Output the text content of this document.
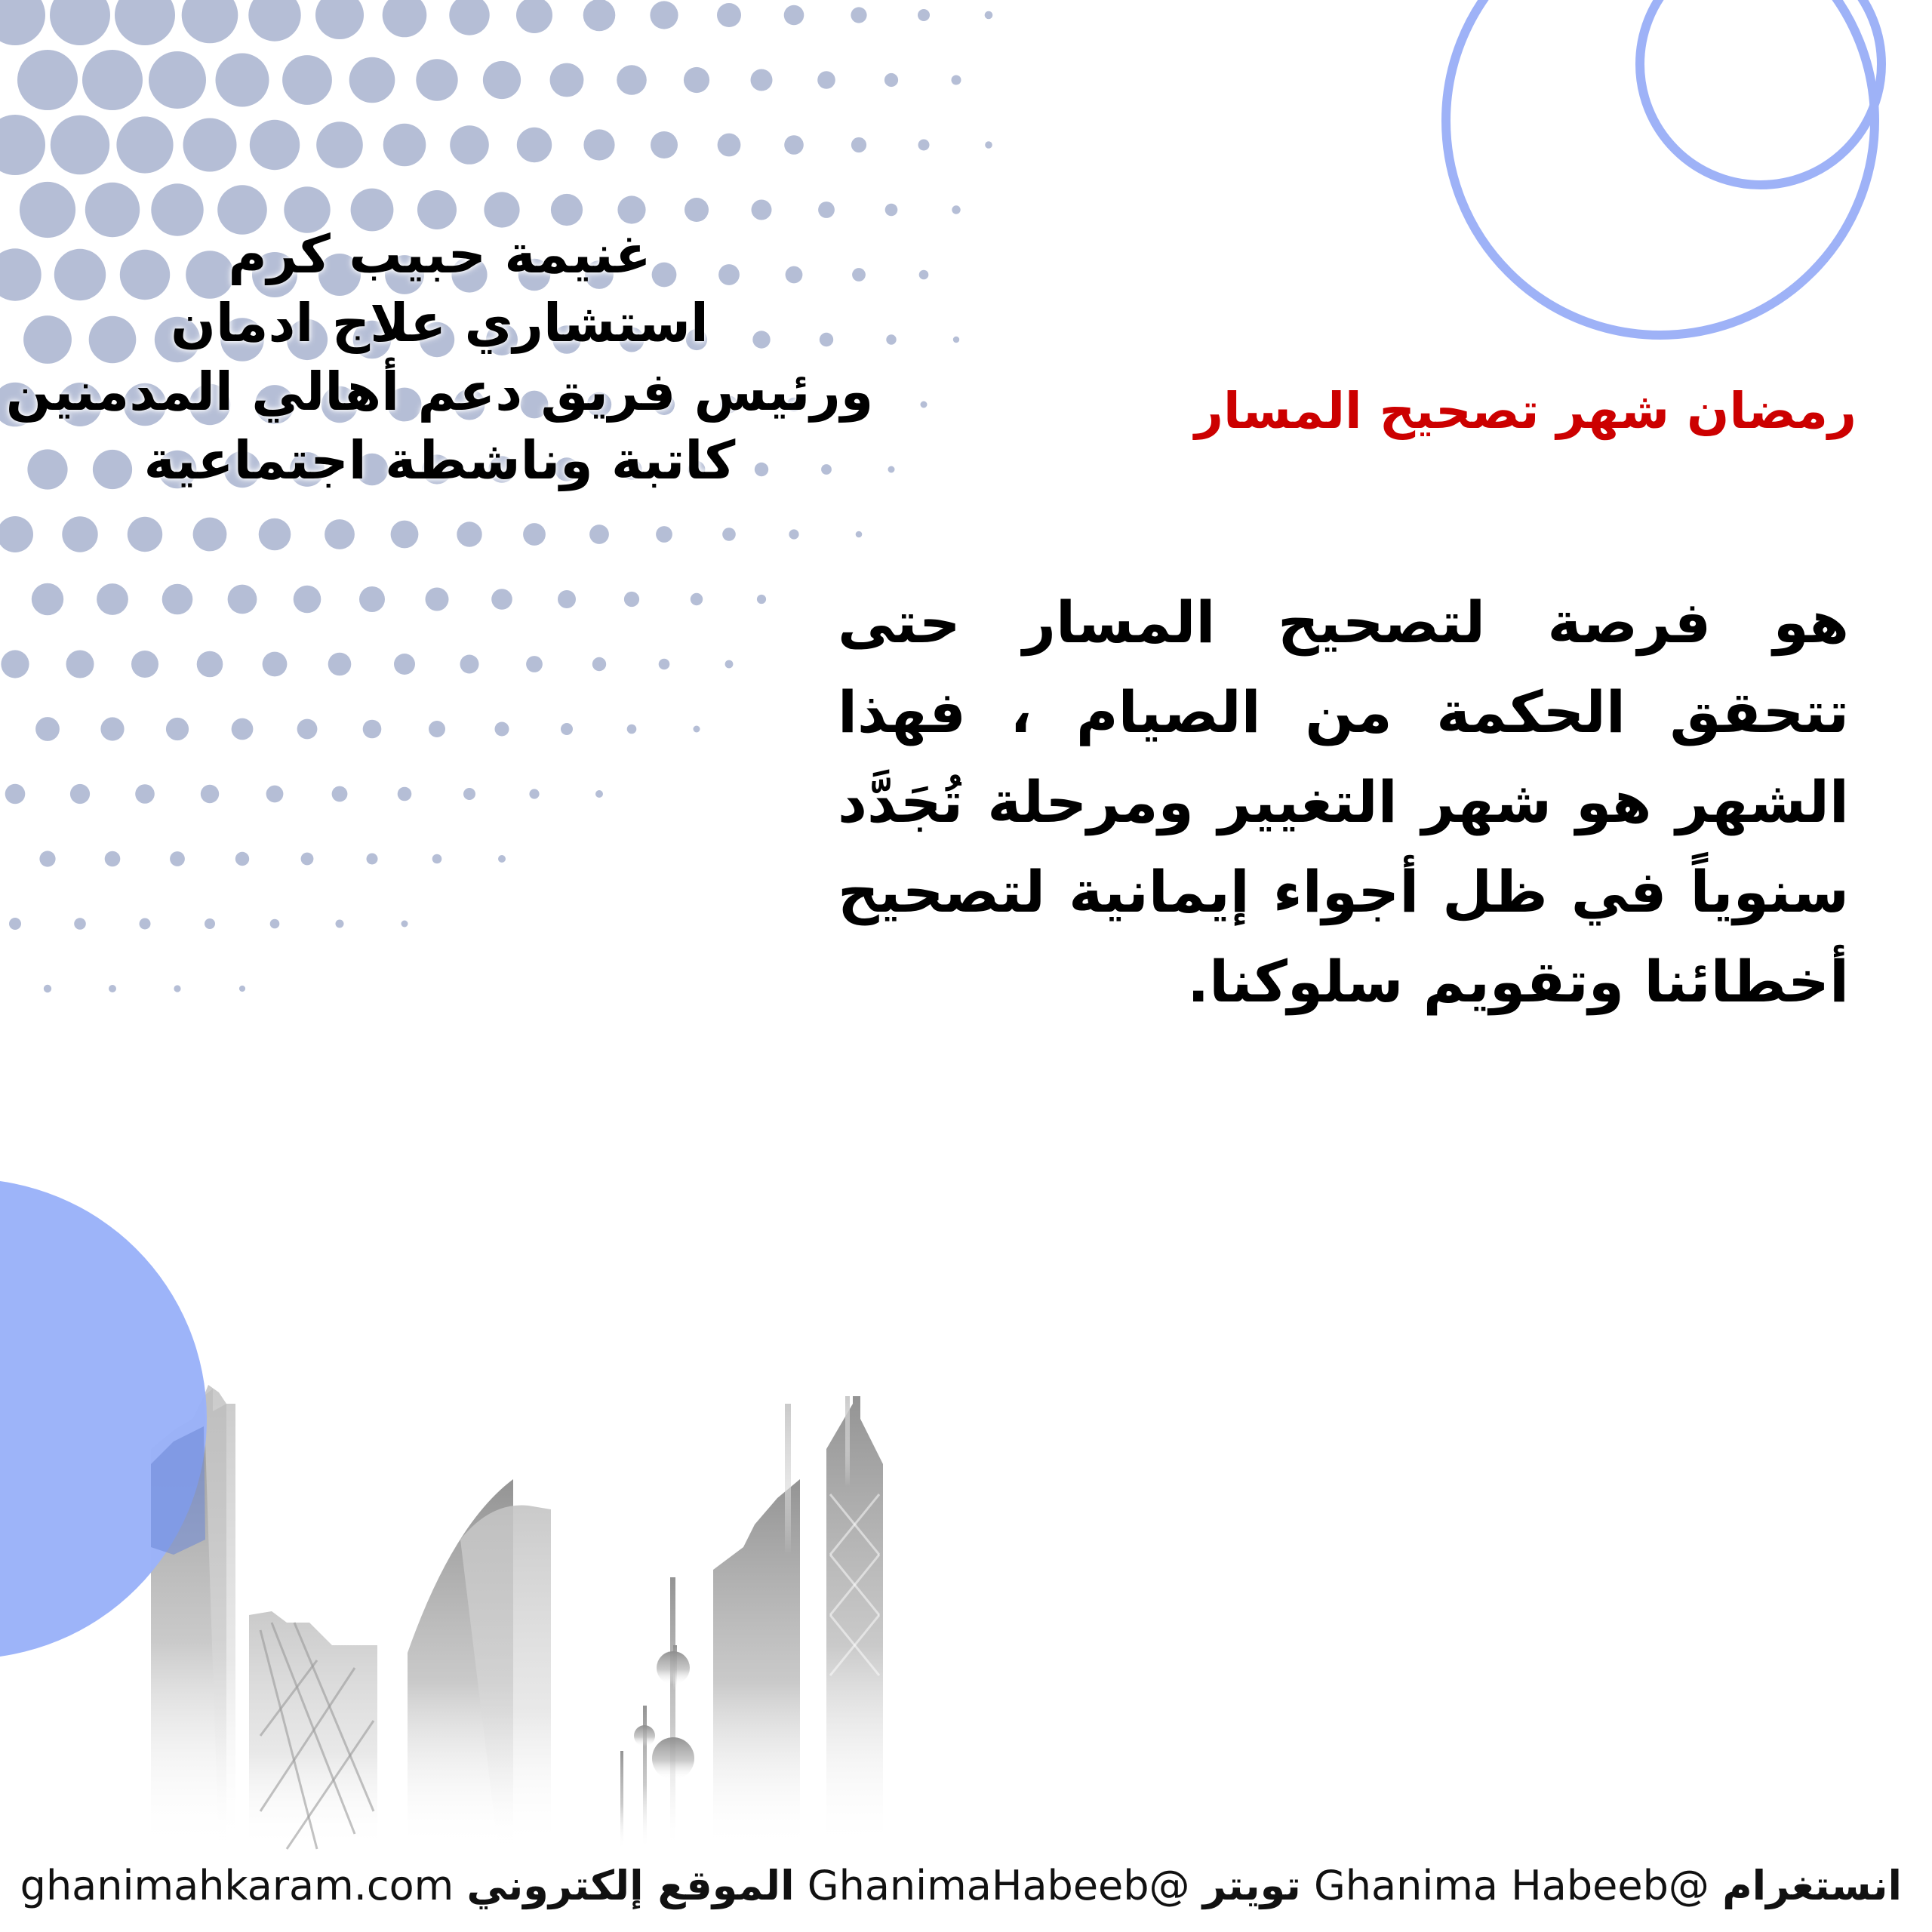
غنيمة حبيب كرم
استشاري علاج ادمان
ورئيس فريق دعم أهالي المدمنين
كاتبة وناشطة اجتماعية
رمضان شهر تصحيح المسار
هو فرصة لتصحيح المسار حتى تتحقق الحكمة من الصيام ، فهذا الشهر هو شهر التغيير ومرحلة تُجَدَّد سنوياً في ظل أجواء إيمانية لتصحيح أخطائنا وتقويم سلوكنا.
انستغرام Ghanima Habeeb@ تويتر GhanimaHabeeb@ الموقع إلكتروني ghanimahkaram.com
